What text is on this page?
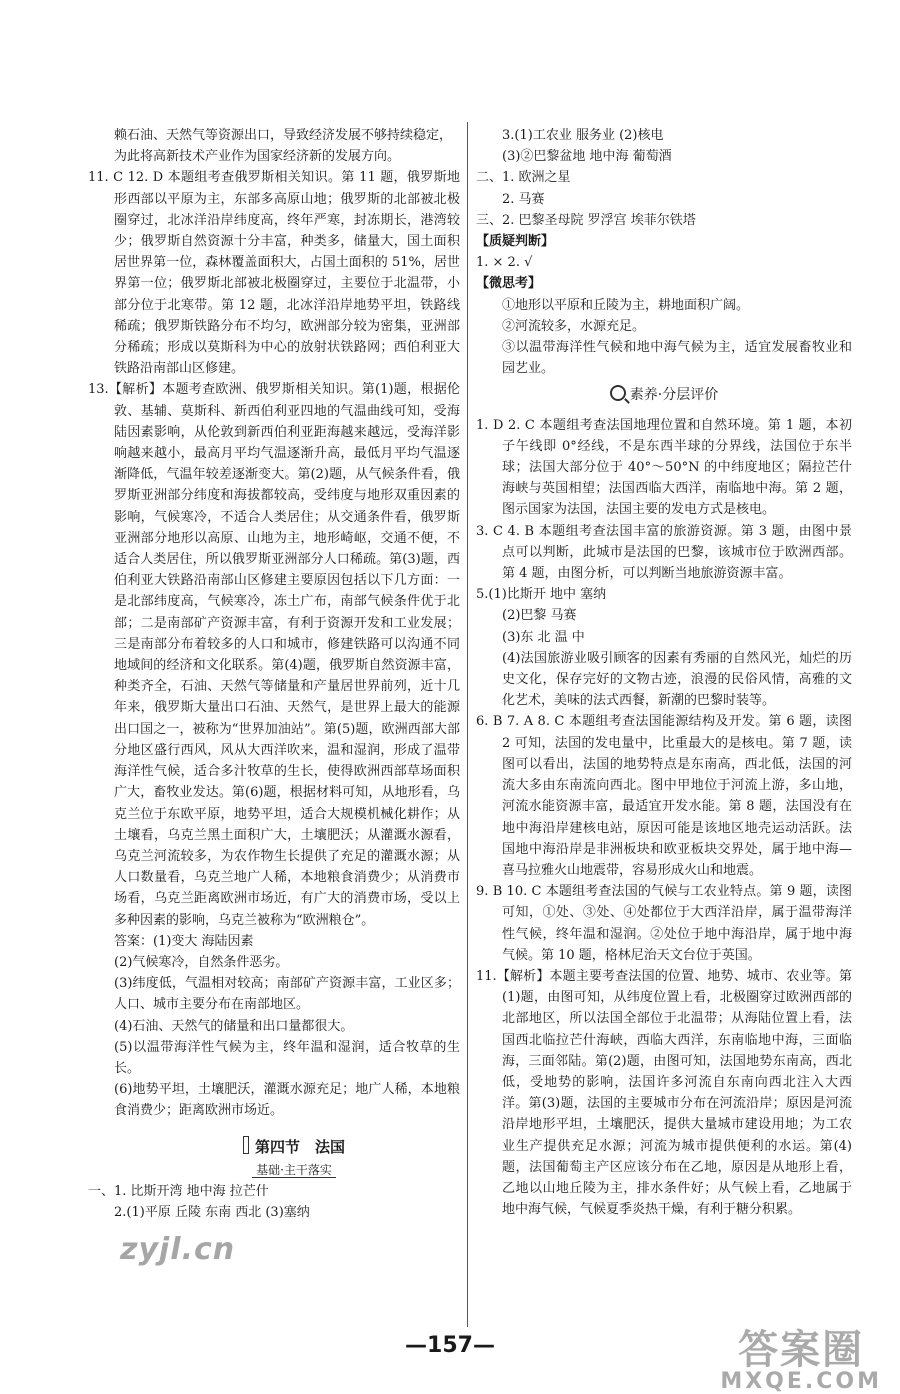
赖石油、天然气等资源出口，导致经济发展不够持续稳定，

为此将高新技术产业作为国家经济新的发展方向。

11. C 12. D 本题组考查俄罗斯相关知识。第 11 题，俄罗斯地形西部以平原为主，东部多高原山地；俄罗斯的北部被北极圈穿过，北冰洋沿岸纬度高，终年严寒，封冻期长，港湾较少；俄罗斯自然资源十分丰富，种类多，储量大，国土面积居世界第一位，森林覆盖面积大，占国土面积的 51%，居世界第一位；俄罗斯北部被北极圈穿过，主要位于北温带，小部分位于北寒带。第 12 题，北冰洋沿岸地势平坦，铁路线稀疏；俄罗斯铁路分布不均匀，欧洲部分较为密集，亚洲部分稀疏；形成以莫斯科为中心的放射状铁路网；西伯利亚大铁路沿南部山区修建。

13.【解析】本题考查欧洲、俄罗斯相关知识。第(1)题，根据伦敦、基辅、莫斯科、新西伯利亚四地的气温曲线可知，受海陆因素影响，从伦敦到新西伯利亚距海越来越远，受海洋影响越来越小，最高月平均气温逐渐升高，最低月平均气温逐渐降低，气温年较差逐渐变大。第(2)题，从气候条件看，俄罗斯亚洲部分纬度和海拔都较高，受纬度与地形双重因素的影响，气候寒冷，不适合人类居住；从交通条件看，俄罗斯亚洲部分地形以高原、山地为主，地形崎岖，交通不便，不适合人类居住，所以俄罗斯亚洲部分人口稀疏。第(3)题，西伯利亚大铁路沿南部山区修建主要原因包括以下几方面：一是北部纬度高，气候寒冷，冻土广布，南部气候条件优于北部；二是南部矿产资源丰富，有利于资源开发和工业发展；三是南部分布着较多的人口和城市，修建铁路可以沟通不同地域间的经济和文化联系。第(4)题，俄罗斯自然资源丰富，种类齐全，石油、天然气等储量和产量居世界前列，近十几年来，俄罗斯大量出口石油、天然气，是世界上最大的能源出口国之一，被称为“世界加油站”。第(5)题，欧洲西部大部分地区盛行西风，风从大西洋吹来，温和湿润，形成了温带海洋性气候，适合多汁牧草的生长，使得欧洲西部草场面积广大，畜牧业发达。第(6)题，根据材料可知，从地形看，乌克兰位于东欧平原，地势平坦，适合大规模机械化耕作；从土壤看，乌克兰黑土面积广大，土壤肥沃；从灌溉水源看，乌克兰河流较多，为农作物生长提供了充足的灌溉水源；从人口数量看，乌克兰地广人稀，本地粮食消费少；从消费市场看，乌克兰距离欧洲市场近，有广大的消费市场，受以上多种因素的影响，乌克兰被称为“欧洲粮仓”。

答案：(1)变大 海陆因素

(2)气候寒冷，自然条件恶劣。

(3)纬度低，气温相对较高；南部矿产资源丰富，工业区多；人口、城市主要分布在南部地区。

(4)石油、天然气的储量和出口量都很大。

(5)以温带海洋性气候为主，终年温和湿润，适合牧草的生长。

(6)地势平坦，土壤肥沃，灌溉水源充足；地广人稀，本地粮食消费少；距离欧洲市场近。

第四节　法国
基础·主干落实

一、1. 比斯开湾 地中海 拉芒什

2.(1)平原 丘陵 东南 西北 (3)塞纳

3.(1)工农业 服务业 (2)核电

(3)②巴黎盆地 地中海 葡萄酒

二、1. 欧洲之星

2. 马赛

三、2. 巴黎圣母院 罗浮宫 埃菲尔铁塔

【质疑判断】

1. × 2. √

【微思考】

①地形以平原和丘陵为主，耕地面积广阔。

②河流较多，水源充足。

③以温带海洋性气候和地中海气候为主，适宜发展畜牧业和园艺业。

素养·分层评价

1. D 2. C 本题组考查法国地理位置和自然环境。第 1 题，本初子午线即 0°经线，不是东西半球的分界线，法国位于东半球；法国大部分位于 40°～50°N 的中纬度地区；隔拉芒什海峡与英国相望；法国西临大西洋，南临地中海。第 2 题，图示国家为法国，法国主要的发电方式是核电。

3. C 4. B 本题组考查法国丰富的旅游资源。第 3 题，由图中景点可以判断，此城市是法国的巴黎，该城市位于欧洲西部。第 4 题，由图分析，可以判断当地旅游资源丰富。

5.(1)比斯开 地中 塞纳

(2)巴黎 马赛

(3)东 北 温 中

(4)法国旅游业吸引顾客的因素有秀丽的自然风光，灿烂的历史文化，保存完好的文物古迹，浪漫的民俗风情，高雅的文化艺术，美味的法式西餐，新潮的巴黎时装等。

6. B 7. A 8. C 本题组考查法国能源结构及开发。第 6 题，读图 2 可知，法国的发电量中，比重最大的是核电。第 7 题，读图可以看出，法国的地势特点是东南高，西北低，法国的河流大多由东南流向西北。图中甲地位于河流上游，多山地，河流水能资源丰富，最适宜开发水能。第 8 题，法国没有在地中海沿岸建核电站，原因可能是该地区地壳运动活跃。法国地中海沿岸是非洲板块和欧亚板块交界处，属于地中海—喜马拉雅火山地震带，容易形成火山和地震。

9. B 10. C 本题组考查法国的气候与工农业特点。第 9 题，读图可知，①处、③处、④处都位于大西洋沿岸，属于温带海洋性气候，终年温和湿润。②处位于地中海沿岸，属于地中海气候。第 10 题，格林尼治天文台位于英国。

11.【解析】本题主要考查法国的位置、地势、城市、农业等。第(1)题，由图可知，从纬度位置上看，北极圈穿过欧洲西部的北部地区，所以法国全部位于北温带；从海陆位置上看，法国西北临拉芒什海峡，西临大西洋，东南临地中海，三面临海，三面邻陆。第(2)题，由图可知，法国地势东南高，西北低，受地势的影响，法国许多河流自东南向西北注入大西洋。第(3)题，法国的主要城市分布在河流沿岸；原因是河流沿岸地形平坦，土壤肥沃，提供大量城市建设用地；为工农业生产提供充足水源；河流为城市提供便利的水运。第(4)题，法国葡萄主产区应该分布在乙地，原因是从地形上看，乙地以山地丘陵为主，排水条件好；从气候上看，乙地属于地中海气候，气候夏季炎热干燥，有利于糖分积累。

—157—
zyjl.cn
答案圈
MXQE.COM
